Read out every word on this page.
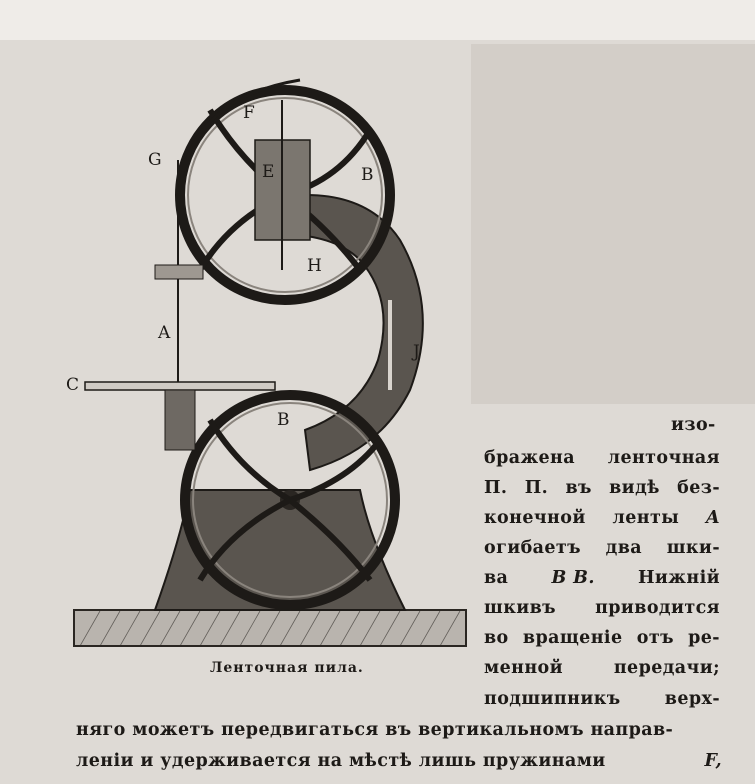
F
G
E	B
H
A
J
C
B
Ленточная пила.
изо-
бражена ленточная
П. П. въ видѣ без-
конечной ленты A
огибаетъ два шки-
ва B B. Нижній
шкивъ приводится
во вращеніе отъ ре-
менной	передачи;
подшипникъ	верх-
няго можетъ передвигаться въ вертикальномъ направ-
леніи и удерживается на мѣстѣ лишь пружинами	F,
